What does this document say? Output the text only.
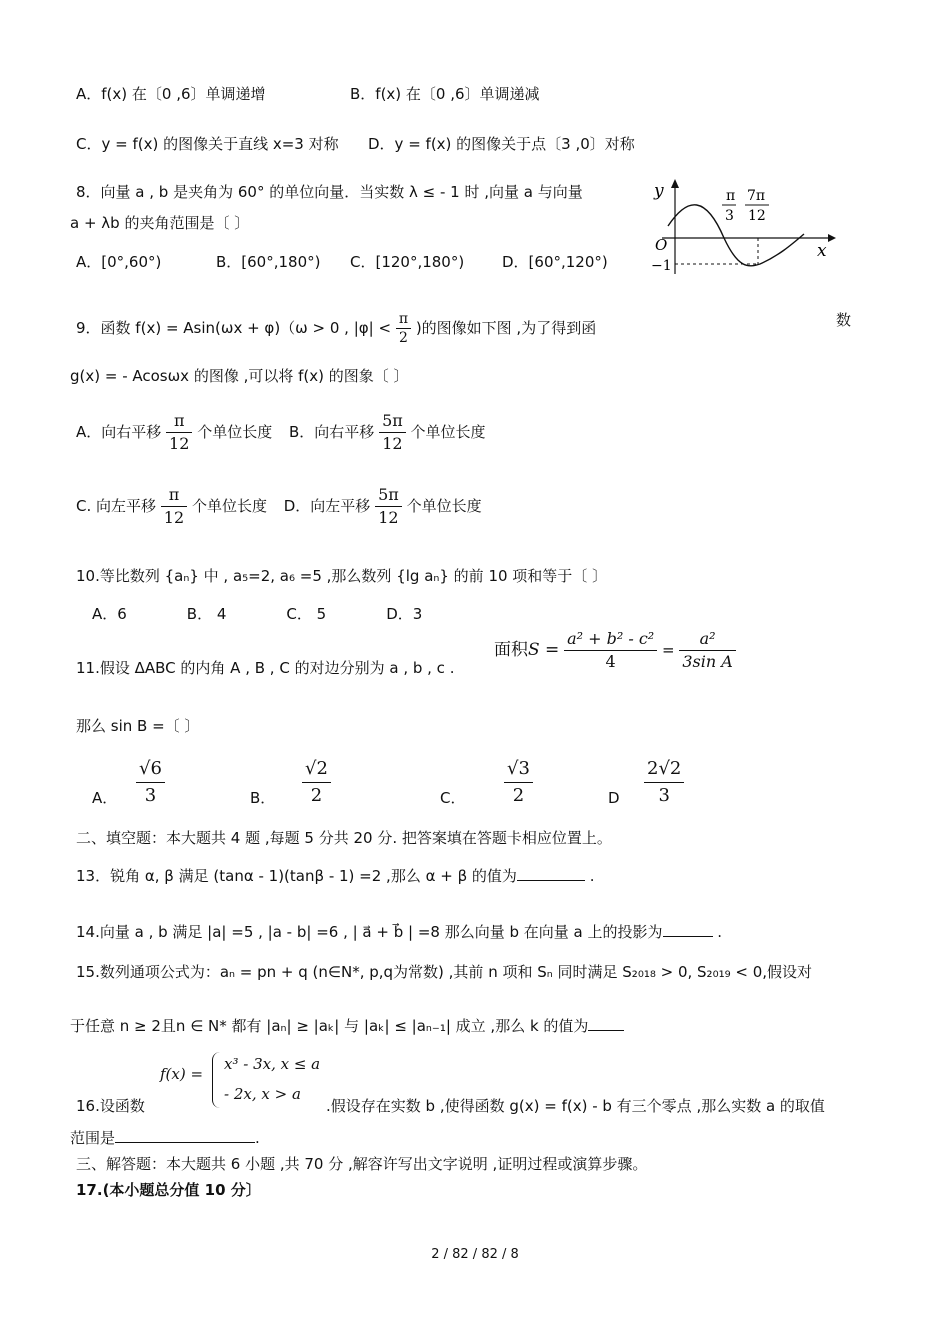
A．f(x) 在〔0 ,6〕单调递增	B．f(x) 在〔0 ,6〕单调递减
C．y = f(x) 的图像关于直线 x=3 对称 D．y = f(x) 的图像关于点〔3 ,0〕对称
8．向量 a , b 是夹角为 60° 的单位向量．当实数 λ ≤ - 1 时 ,向量 a 与向量
a + λb 的夹角范围是〔 〕
A．[0°,60°)	B．[60°,180°) C．[120°,180°)	D．[60°,120°)
π
3
7π
12
y
x
O
−1
9．函数 f(x) = Asin(ωx + φ)（ω > 0 , $|\varphi| < \frac{\pi}{2}$ )的图像如下图 ,为了得到函	数
g(x) = - Acosωx 的图像 ,可以将 f(x) 的图象〔 〕
A．向右平移 $\frac{\pi}{12}$ 个单位长度 B．向右平移 $\frac{5\pi}{12}$ 个单位长度
C. 向左平移 $\frac{\pi}{12}$ 个单位长度 D．向左平移 $\frac{5\pi}{12}$ 个单位长度
10.等比数列 {aₙ} 中 , a₅=2, a₆ =5 ,那么数列 {lg aₙ} 的前 10 项和等于〔 〕
A．6　　　　B． 4　　　　C． 5　　　　D．3
11.假设 ΔABC 的内角 A , B , C 的对边分别为 a , b , c .
面积$S = \frac{\text{a² + b² - c²}}{4} = \frac{\text{a²}}{\text{3sin A}}$
那么 sin B =〔 〕
A． $\frac{√6}{3}$	B． $\frac{√2}{2}$	C． $\frac{√3}{2}$	D $\frac{2√2}{3}$
二、填空题：本大题共 4 题 ,每题 5 分共 20 分. 把答案填在答题卡相应位置上。
13．锐角 α, β 满足 (tanα - 1)(tanβ - 1) =2 ,那么 α + β 的值为	.
14.向量 a , b 满足 |a| =5 , |a - b| =6 , | a⃗ + b⃗ | =8 那么向量 b 在向量 a 上的投影为	.
15.数列通项公式为：aₙ = pn + q (n∈N*, p,q为常数) ,其前 n 项和 Sₙ 同时满足 S₂₀₁₈ > 0, S₂₀₁₉ < 0,假设对
于任意 n ≥ 2且n ∈ N* 都有 |aₙ| ≥ |aₖ| 与 |aₖ| ≤ |aₙ₋₁| 成立 ,那么 k 的值为
f(x) =
x³ - 3x, x ≤ a
- 2x, x > a
16.设函数	.假设存在实数 b ,使得函数 g(x) = f(x) - b 有三个零点 ,那么实数 a 的取值
范围是	.
三、解答题：本大题共 6 小题 ,共 70 分 ,解容许写出文字说明 ,证明过程或演算步骤。
17.(本小题总分值 10 分〕
2 / 82 / 82 / 8
